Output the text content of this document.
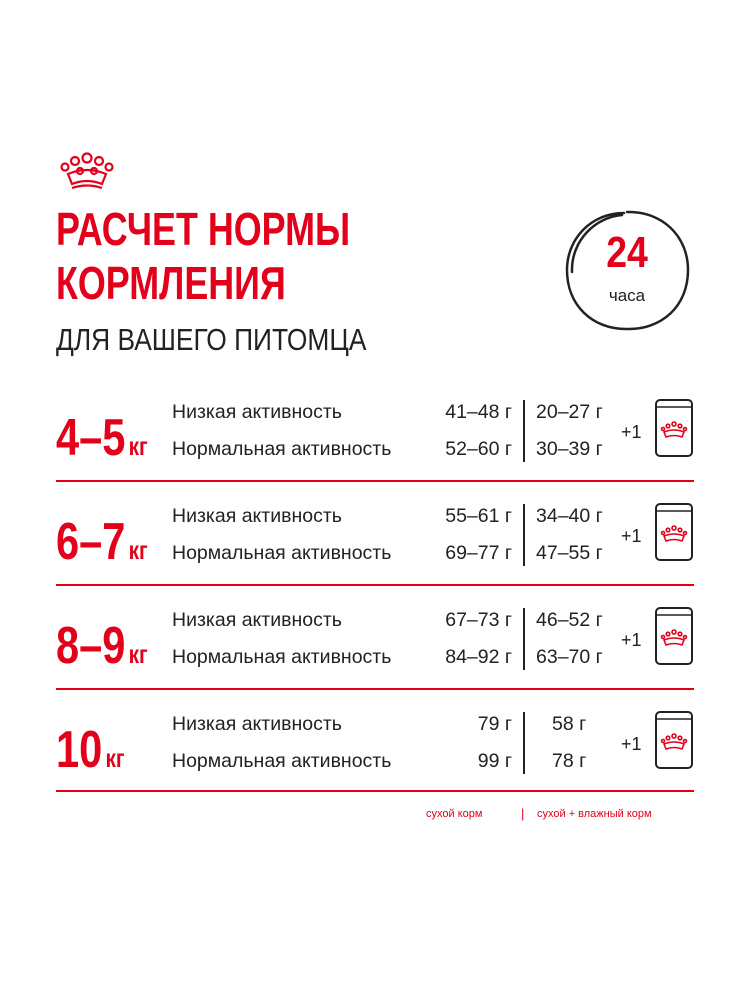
РАСЧЕТ НОРМЫ
КОРМЛЕНИЯ
ДЛЯ ВАШЕГО ПИТОМЦА
24
часа
4–5 кг
Низкая активность
Нормальная активность
41–48 г
52–60 г
20–27 г
30–39 г
+1
6–7 кг
Низкая активность
Нормальная активность
55–61 г
69–77 г
34–40 г
47–55 г
+1
8–9 кг
Низкая активность
Нормальная активность
67–73 г
84–92 г
46–52 г
63–70 г
+1
10 кг
Низкая активность
Нормальная активность
79 г
99 г
58 г
78 г
+1
сухой корм	| сухой + влажный корм
